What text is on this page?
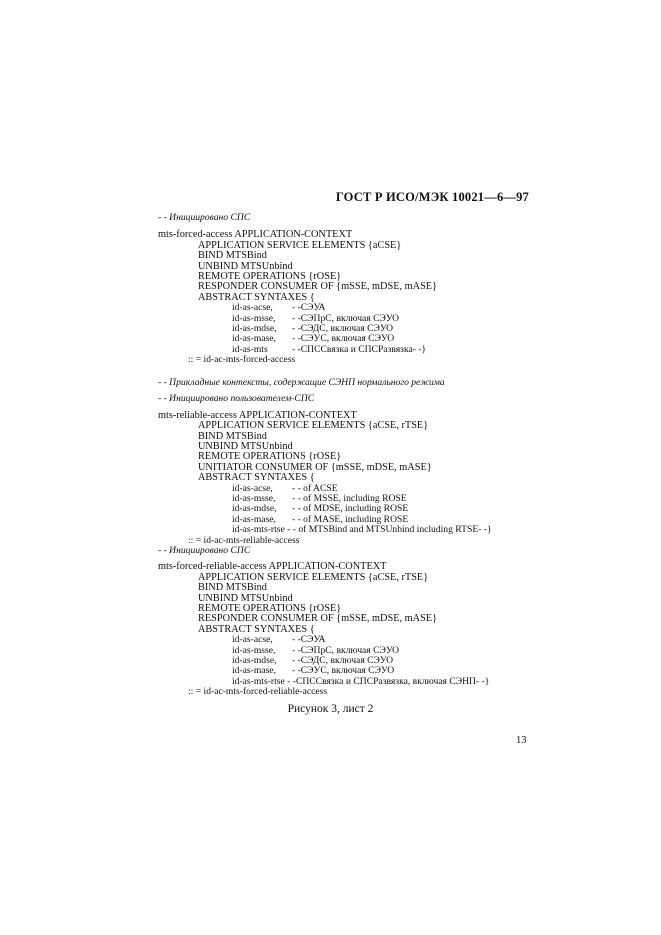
ГОСТ Р ИСО/МЭК 10021—6—97
- - Инициировано СПС
mts-forced-access APPLICATION-CONTEXT
APPLICATION SERVICE ELEMENTS {aCSE}
BIND MTSBind
UNBIND MTSUnbind
REMOTE OPERATIONS {rOSE}
RESPONDER CONSUMER OF {mSSE, mDSE, mASE}
ABSTRACT SYNTAXES {
id-as-acse, - -СЭУА
id-as-msse, - -СЭПрС, включая СЭУО
id-as-mdse, - -СЭДС, включая СЭУО
id-as-mase, - -СЭУС, включая СЭУО
id-as-mts	- -СПССвязка и СПСРазвязка- -}
:: = id-ac-mts-forced-access
- - Прикладные контексты, содержащие СЭНП нормального режима
- - Инициировано пользователем-СПС
mts-reliable-access APPLICATION-CONTEXT
APPLICATION SERVICE ELEMENTS {aCSE, rTSE}
BIND MTSBind
UNBIND MTSUnbind
REMOTE OPERATIONS {rOSE}
UNITIATOR CONSUMER OF {mSSE, mDSE, mASE}
ABSTRACT SYNTAXES {
id-as-acse, - - of ACSE
id-as-msse, - - of MSSE, including ROSE
id-as-mdse, - - of MDSE, including ROSE
id-as-mase, - - of MASE, including ROSE
id-as-mts-rtse - - of MTSBind and MTSUnbind including RTSE- -}
:: = id-ac-mts-reliable-access
- - Инициировано СПС
mts-forced-reliable-access APPLICATION-CONTEXT
APPLICATION SERVICE ELEMENTS {aCSE, rTSE}
BIND MTSBind
UNBIND MTSUnbind
REMOTE OPERATIONS {rOSE}
RESPONDER CONSUMER OF {mSSE, mDSE, mASE}
ABSTRACT SYNTAXES {
id-as-acse, - -СЭУА
id-as-msse, - -СЭПрС, включая СЭУО
id-as-mdse, - -СЭДС, включая СЭУО
id-as-mase, - -СЭУС, включая СЭУО
id-as-mts-rtse - -СПССвязка и СПСРазвязка, включая СЭНП- -}
:: = id-ac-mts-forced-reliable-access
Рисунок 3, лист 2
13
